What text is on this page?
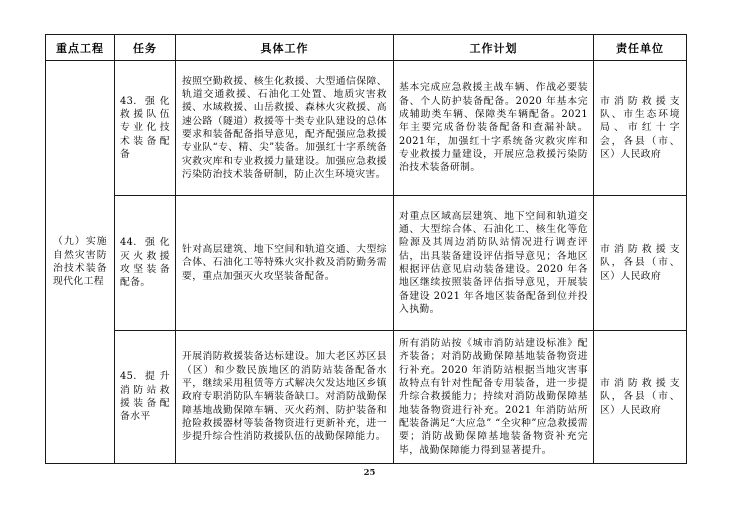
重点工程	任务	具体工作	工作计划	责任单位
（九）实施自然灾害防治技术装备现代化工程	43. 强化救援队伍专业化技术装备配备	按照空勤救援、核生化救援、大型通信保障、轨道交通救援、石油化工处置、地质灾害救援、水域救援、山岳救援、森林火灾救援、高速公路（隧道）救援等十类专业队建设的总体要求和装备配备指导意见，配齐配强应急救援专业队“专、精、尖”装备。加强红十字系统备灾救灾库和专业救援力量建设。加强应急救援污染防治技术装备研制，防止次生环境灾害。	基本完成应急救援主战车辆、作战必要装备、个人防护装备配备。2020 年基本完成辅助类车辆、保障类车辆配备。2021 年主要完成备份装备配备和查漏补缺。2021年，加强红十字系统备灾救灾库和专业救援力量建设，开展应急救援污染防治技术装备研制。	市消防救援支队、市生态环境局、市红十字会，各县（市、区）人民政府
	44. 强化灭火救援攻坚装备配备。	针对高层建筑、地下空间和轨道交通、大型综合体、石油化工等特殊火灾扑救及消防勤务需要，重点加强灭火攻坚装备配备。	对重点区域高层建筑、地下空间和轨道交通、大型综合体、石油化工、核生化等危险源及其周边消防队站情况进行调查评估，出具装备建设评估指导意见；各地区根据评估意见启动装备建设。2020 年各地区继续按照装备评估指导意见，开展装备建设 2021 年各地区装备配备到位并投入执勤。	市消防救援支队，各县（市、区）人民政府
	45. 提升消防站救援装备配备水平	开展消防救援装备达标建设。加大老区苏区县（区）和少数民族地区的消防站装备配备水平，继续采用租赁等方式解决欠发达地区乡镇政府专职消防队车辆装备缺口。对消防战勤保障基地战勤保障车辆、灭火药剂、防护装备和抢险救援器材等装备物资进行更新补充，进一步提升综合性消防救援队伍的战勤保障能力。	所有消防站按《城市消防站建设标准》配齐装备；对消防战勤保障基地装备物资进行补充。2020 年消防站根据当地灾害事故特点有针对性配备专用装备，进一步提升综合救援能力；持续对消防战勤保障基地装备物资进行补充。2021 年消防站所配装备满足“大应急” “全灾种”应急救援需要；消防战勤保障基地装备物资补充完毕，战勤保障能力得到显著提升。	市消防救援支队，各县（市、区）人民政府
25
